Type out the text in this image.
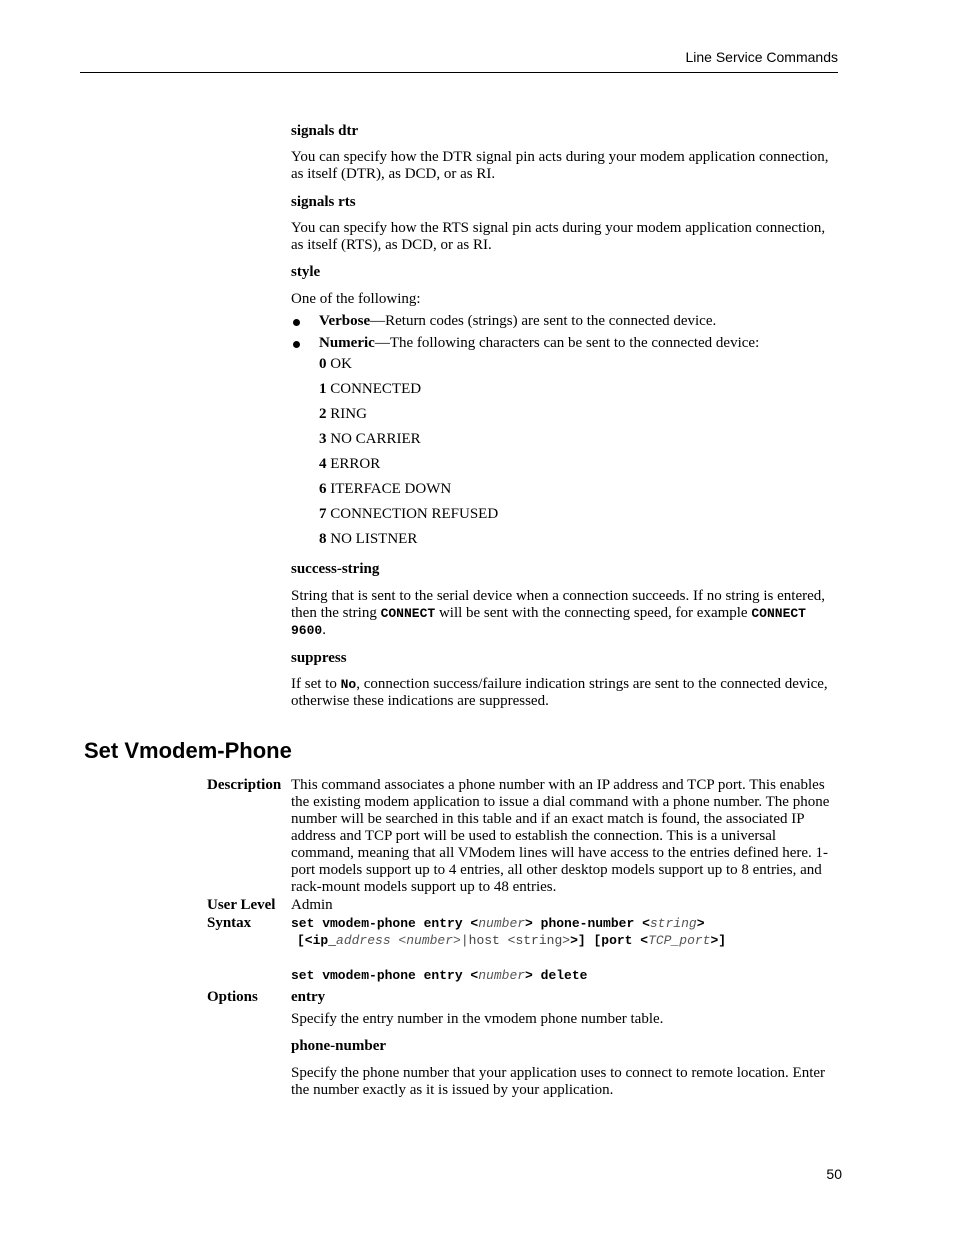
Line Service Commands
signals dtr
You can specify how the DTR signal pin acts during your modem application connection, as itself (DTR), as DCD, or as RI.
signals rts
You can specify how the RTS signal pin acts during your modem application connection, as itself (RTS), as DCD, or as RI.
style
One of the following:
Verbose—Return codes (strings) are sent to the connected device.
Numeric—The following characters can be sent to the connected device:
0 OK
1 CONNECTED
2 RING
3 NO CARRIER
4 ERROR
6 ITERFACE DOWN
7 CONNECTION REFUSED
8 NO LISTNER
success-string
String that is sent to the serial device when a connection succeeds. If no string is entered, then the string CONNECT will be sent with the connecting speed, for example CONNECT 9600.
suppress
If set to No, connection success/failure indication strings are sent to the connected device, otherwise these indications are suppressed.
Set Vmodem-Phone
Description This command associates a phone number with an IP address and TCP port. This enables the existing modem application to issue a dial command with a phone number. The phone number will be searched in this table and if an exact match is found, the associated IP address and TCP port will be used to establish the connection. This is a universal command, meaning that all VModem lines will have access to the entries defined here. 1-port models support up to 4 entries, all other desktop models support up to 8 entries, and rack-mount models support up to 48 entries.
User Level Admin
Syntax	set vmodem-phone entry <number> phone-number <string>
[<ip_address <number>|host <string>>] [port <TCP_port>]
set vmodem-phone entry <number> delete
Options entry
Specify the entry number in the vmodem phone number table.
phone-number
Specify the phone number that your application uses to connect to remote location. Enter the number exactly as it is issued by your application.
50
